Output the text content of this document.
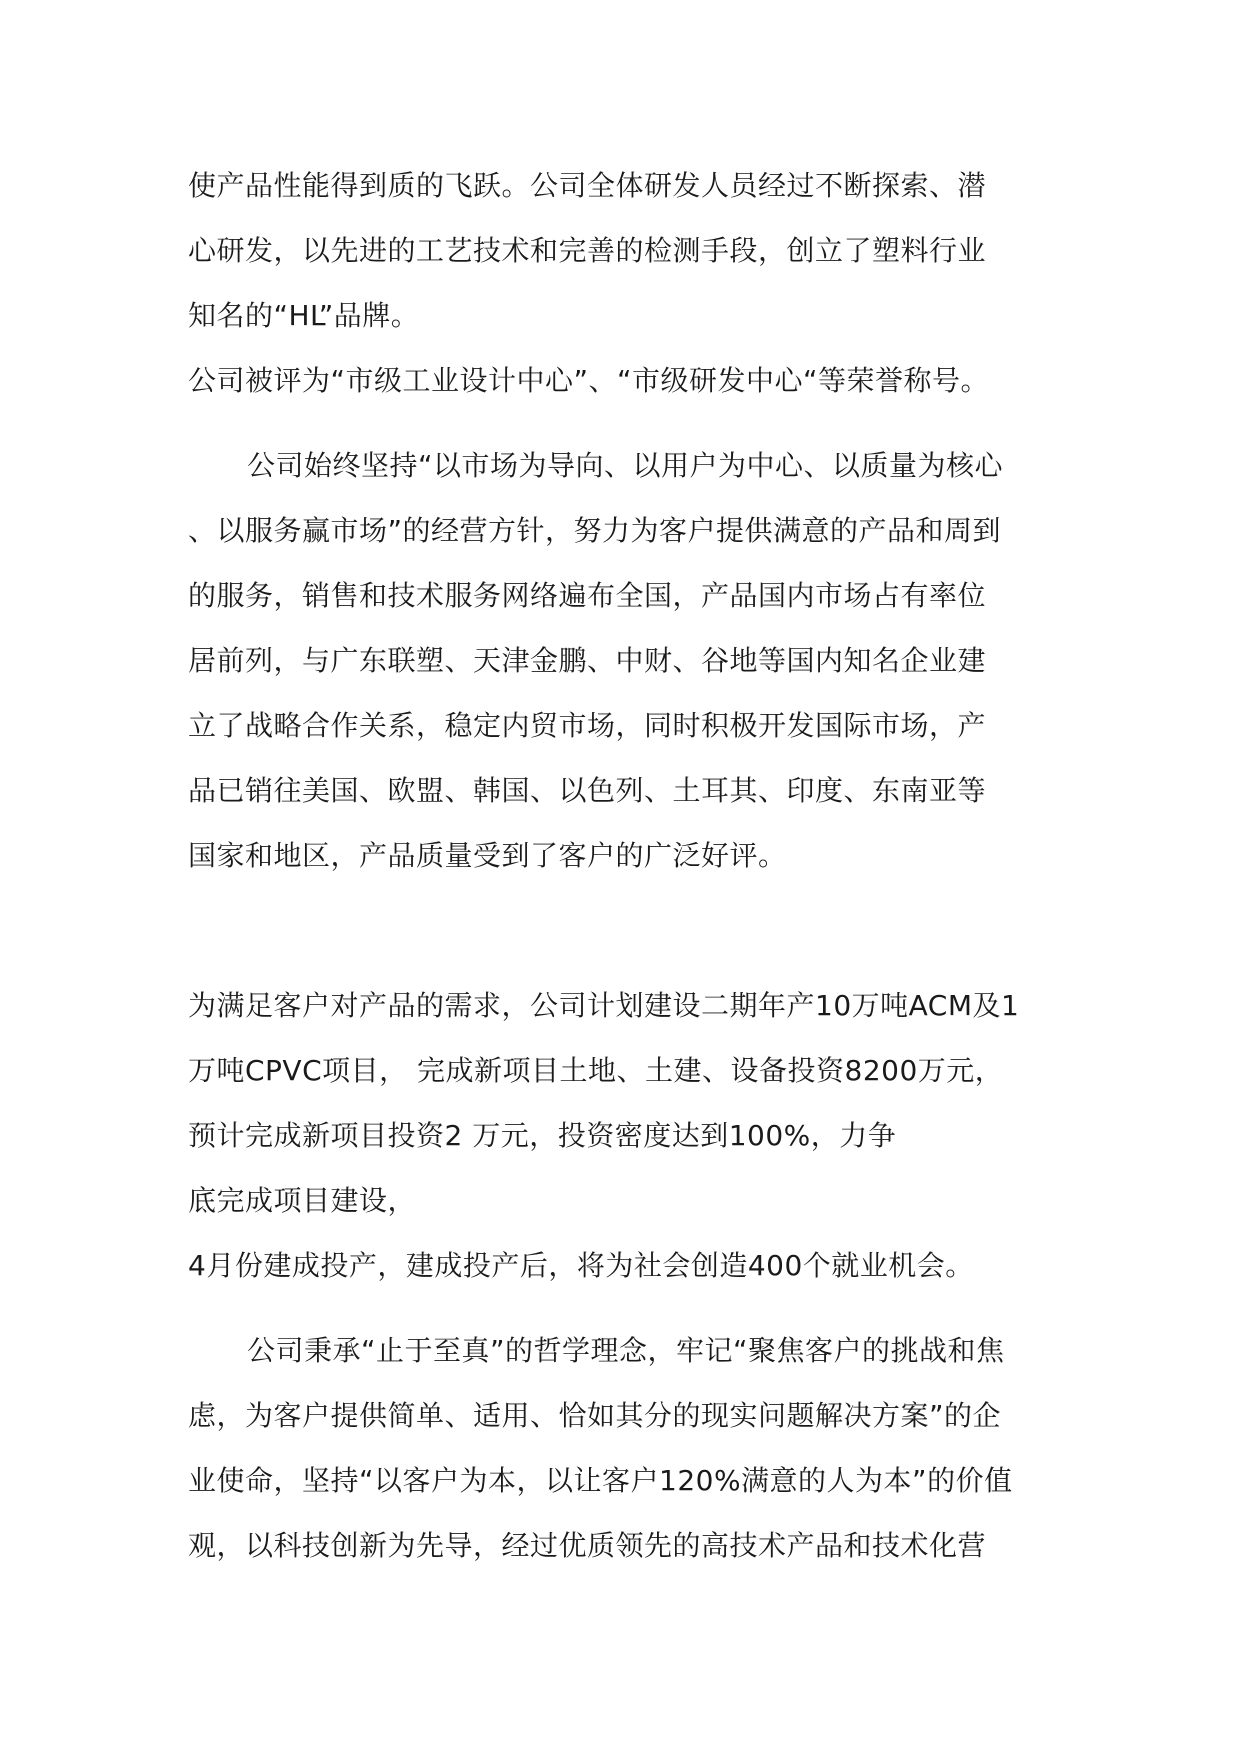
使产品性能得到质的飞跃。公司全体研发人员经过不断探索、潜
心研发，以先进的工艺技术和完善的检测手段，创立了塑料行业
知名的“HL”品牌。
公司被评为“市级工业设计中心”、“市级研发中心“等荣誉称号。
公司始终坚持“以市场为导向、以用户为中心、以质量为核心
、以服务赢市场”的经营方针，努力为客户提供满意的产品和周到
的服务，销售和技术服务网络遍布全国，产品国内市场占有率位
居前列，与广东联塑、天津金鹏、中财、谷地等国内知名企业建
立了战略合作关系，稳定内贸市场，同时积极开发国际市场，产
品已销往美国、欧盟、韩国、以色列、土耳其、印度、东南亚等
国家和地区，产品质量受到了客户的广泛好评。
为满足客户对产品的需求，公司计划建设二期年产10万吨ACM及1
万吨CPVC项目， 完成新项目土地、土建、设备投资8200万元，
预计完成新项目投资2 万元，投资密度达到100%，力争
底完成项目建设，
4月份建成投产，建成投产后，将为社会创造400个就业机会。
公司秉承“止于至真”的哲学理念，牢记“聚焦客户的挑战和焦
虑，为客户提供简单、适用、恰如其分的现实问题解决方案”的企
业使命，坚持“以客户为本，以让客户120%满意的人为本”的价值
观，以科技创新为先导，经过优质领先的高技术产品和技术化营
